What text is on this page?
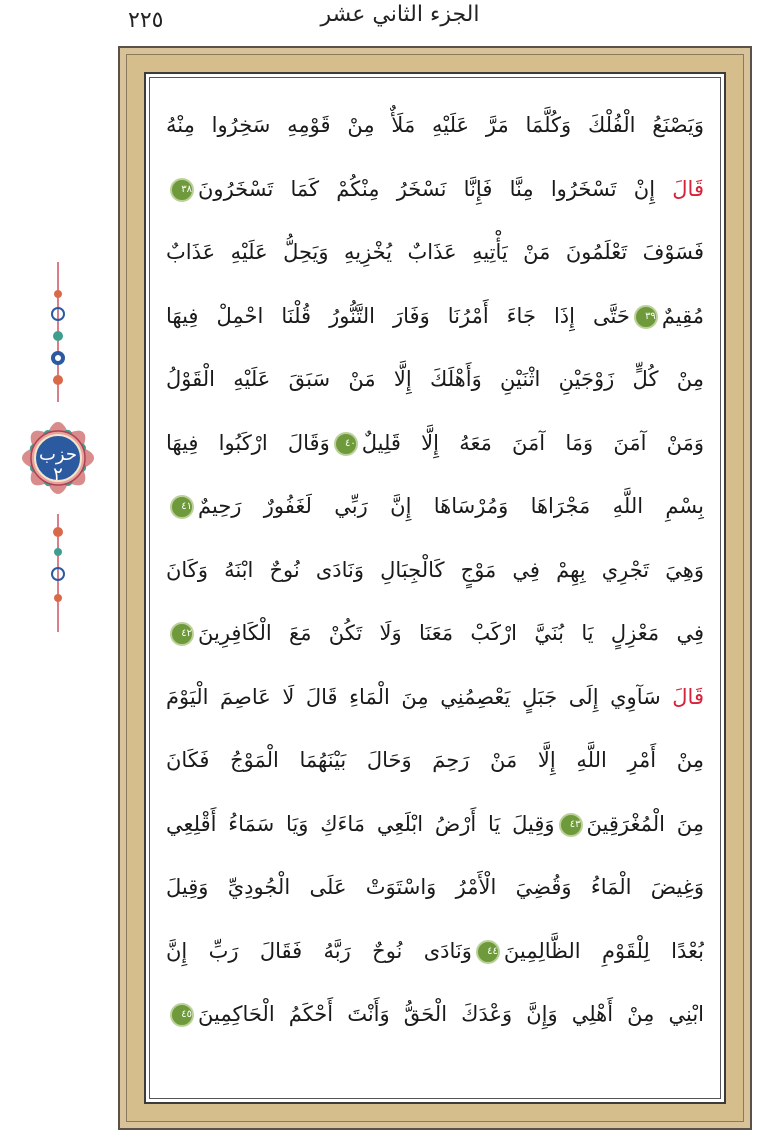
٢٢٥	الجزء الثاني عشر
حزب
٢
وَيَصْنَعُ الْفُلْكَ وَكُلَّمَا مَرَّ عَلَيْهِ مَلَأٌ مِنْ قَوْمِهِ سَخِرُوا مِنْهُ
قَالَ إِنْ تَسْخَرُوا مِنَّا فَإِنَّا نَسْخَرُ مِنْكُمْ كَمَا تَسْخَرُونَ٣٨
فَسَوْفَ تَعْلَمُونَ مَنْ يَأْتِيهِ عَذَابٌ يُخْزِيهِ وَيَحِلُّ عَلَيْهِ عَذَابٌ
مُقِيمٌ٣٩حَتَّى إِذَا جَاءَ أَمْرُنَا وَفَارَ التَّنُّورُ قُلْنَا احْمِلْ فِيهَا
مِنْ كُلٍّ زَوْجَيْنِ اثْنَيْنِ وَأَهْلَكَ إِلَّا مَنْ سَبَقَ عَلَيْهِ الْقَوْلُ
وَمَنْ آمَنَ وَمَا آمَنَ مَعَهُ إِلَّا قَلِيلٌ٤٠وَقَالَ ارْكَبُوا فِيهَا
بِسْمِ اللَّهِ مَجْرَاهَا وَمُرْسَاهَا إِنَّ رَبِّي لَغَفُورٌ رَحِيمٌ٤١
وَهِيَ تَجْرِي بِهِمْ فِي مَوْجٍ كَالْجِبَالِ وَنَادَى نُوحٌ ابْنَهُ وَكَانَ
فِي مَعْزِلٍ يَا بُنَيَّ ارْكَبْ مَعَنَا وَلَا تَكُنْ مَعَ الْكَافِرِينَ٤٢
قَالَ سَآوِي إِلَى جَبَلٍ يَعْصِمُنِي مِنَ الْمَاءِ قَالَ لَا عَاصِمَ الْيَوْمَ
مِنْ أَمْرِ اللَّهِ إِلَّا مَنْ رَحِمَ وَحَالَ بَيْنَهُمَا الْمَوْجُ فَكَانَ
مِنَ الْمُغْرَقِينَ٤٣وَقِيلَ يَا أَرْضُ ابْلَعِي مَاءَكِ وَيَا سَمَاءُ أَقْلِعِي
وَغِيضَ الْمَاءُ وَقُضِيَ الْأَمْرُ وَاسْتَوَتْ عَلَى الْجُودِيِّ وَقِيلَ
بُعْدًا لِلْقَوْمِ الظَّالِمِينَ٤٤وَنَادَى نُوحٌ رَبَّهُ فَقَالَ رَبِّ إِنَّ
ابْنِي مِنْ أَهْلِي وَإِنَّ وَعْدَكَ الْحَقُّ وَأَنْتَ أَحْكَمُ الْحَاكِمِينَ٤٥
